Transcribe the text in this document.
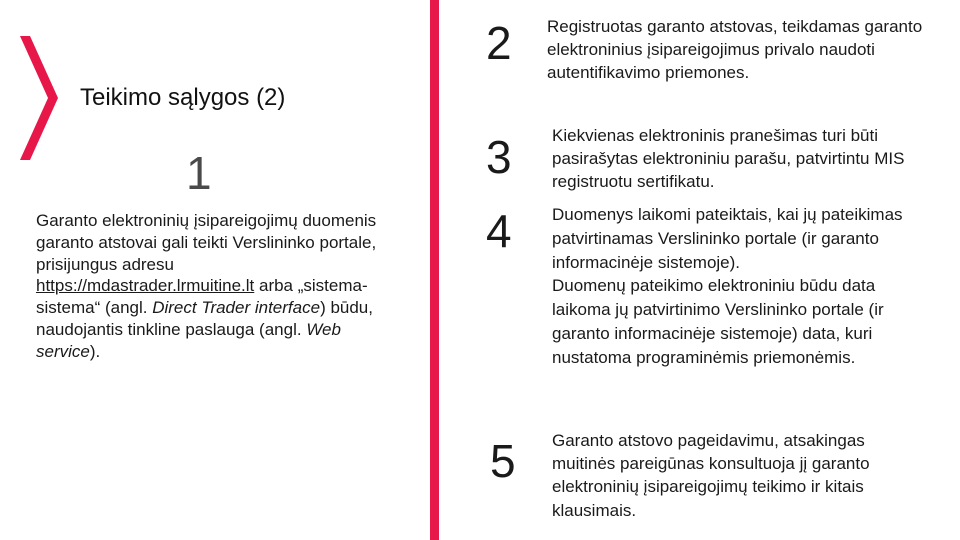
Teikimo sąlygos (2)
1
Garanto elektroninių įsipareigojimų duomenis garanto atstovai gali teikti Verslininko portale, prisijungus adresu https://mdastrader.lrmuitine.lt arba „sistema-sistema“ (angl. Direct Trader interface) būdu, naudojantis tinkline paslauga (angl. Web service).
2 Registruotas garanto atstovas, teikdamas garanto elektroninius įsipareigojimus privalo naudoti autentifikavimo priemones.

3 Kiekvienas elektroninis pranešimas turi būti pasirašytas elektroniniu parašu, patvirtintu MIS registruotu sertifikatu.

4 Duomenys laikomi pateiktais, kai jų pateikimas patvirtinamas Verslininko portale (ir garanto informacinėje sistemoje).

Duomenų pateikimo elektroniniu būdu data laikoma jų patvirtinimo Verslininko portale (ir garanto informacinėje sistemoje) data, kuri nustatoma programinėmis priemonėmis.

5 Garanto atstovo pageidavimu, atsakingas muitinės pareigūnas konsultuoja jį garanto elektroninių įsipareigojimų teikimo ir kitais klausimais.
